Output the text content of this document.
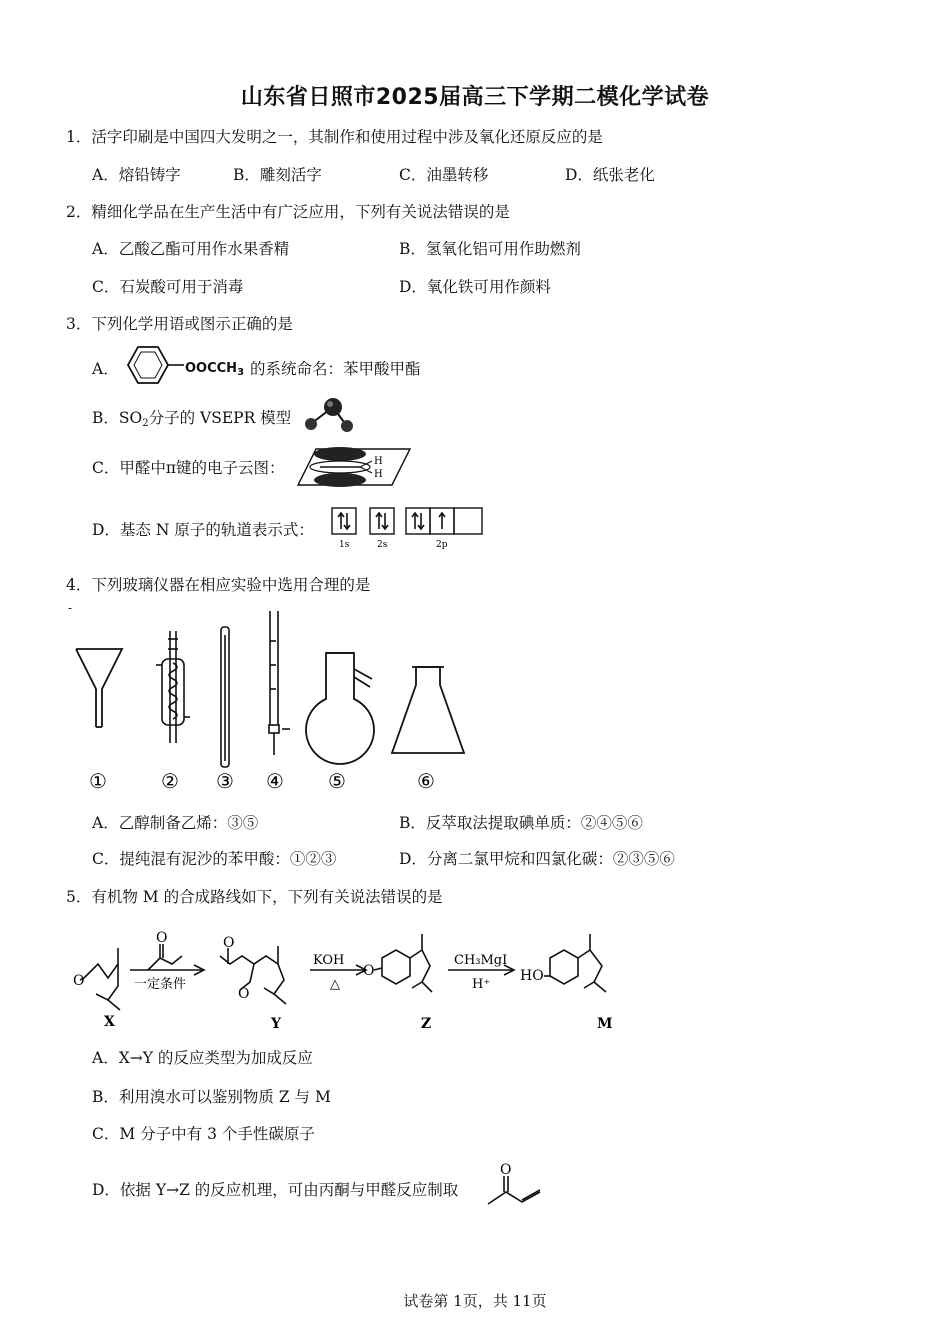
山东省日照市2025届高三下学期二模化学试卷
1．活字印刷是中国四大发明之一，其制作和使用过程中涉及氧化还原反应的是
A．熔铅铸字	B．雕刻活字	C．油墨转移	D．纸张老化
2．精细化学品在生产生活中有广泛应用，下列有关说法错误的是
A．乙酸乙酯可用作水果香精	B．氢氧化铝可用作助燃剂
C．石炭酸可用于消毒	D．氧化铁可用作颜料
3．下列化学用语或图示正确的是
A．	$OOCCH_3$ 的系统命名：苯甲酸甲酯
B．$SO_2$分子的 VSEPR 模型
C．甲醛中π键的电子云图：	H
H
D．基态 N 原子的轨道表示式：
1s	2s	2p
4．下列玻璃仪器在相应实验中选用合理的是
-
①	② ③ ④ ⑤	⑥
A．乙醇制备乙烯：③⑤	B．反萃取法提取碘单质：②④⑤⑥
C．提纯混有泥沙的苯甲酸：①②③	D．分离二氯甲烷和四氯化碳：②③⑤⑥
5．有机物 M 的合成路线如下，下列有关说法错误的是
O
O	O
O
O	HO
一定条件
KOH
△
CH₃MgI
H⁺
X	Y	Z	M
A．X→Y 的反应类型为加成反应
B．利用溴水可以鉴别物质 Z 与 M
C．M 分子中有 3 个手性碳原子
D．依据 Y→Z 的反应机理，可由丙酮与甲醛反应制取
O
试卷第 1页，共 11页
